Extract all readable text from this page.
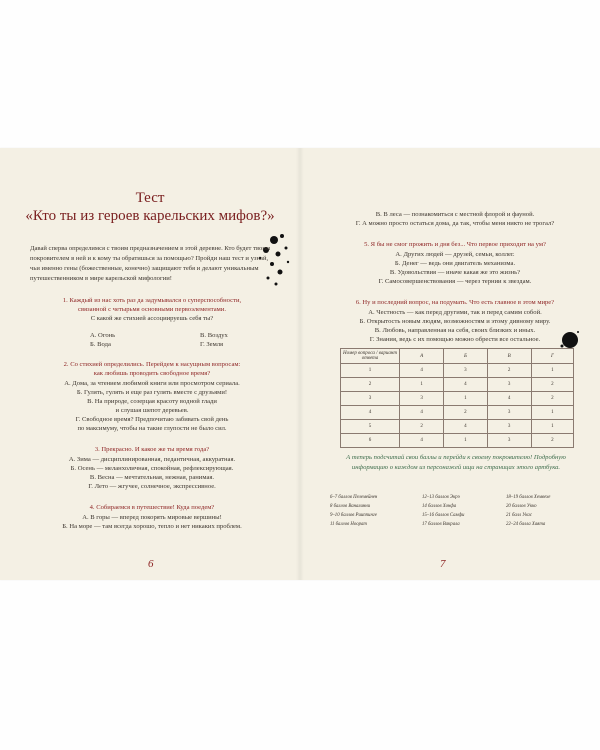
Тест
«Кто ты из героев карельских мифов?»
Давай сперва определимся с твоим предназначением в этой деревне. Кто будет твоим покровителем в ней и к кому ты обратишься за помощью? Пройди наш тест и узнай, чьи именно гены (божественные, конечно) защищают тебя и делают уникальным путешественником в мире карельской мифологии!
1. Каждый из нас хоть раз да задумывался о суперспособности,
связанной с четырьмя основными первоэлементами.
С какой же стихией ассоциируешь себя ты?
А. Огонь
Б. Вода
В. Воздух
Г. Земля
2. Со стихией определились. Перейдем к насущным вопросам:
как любишь проводить свободное время?
А. Дома, за чтением любимой книги или просмотром сериала.
Б. Гулять, гулять и еще раз гулять вместе с друзьями!
В. На природе, созерцая красоту водной глади
и слушая шепот деревьев.
Г. Свободное время? Предпочитаю забивать свой день
по максимуму, чтобы на такие глупости не было сил.
3. Прекрасно. И какое же ты время года?
А. Зима — дисциплинированная, педантичная, аккуратная.
Б. Осень — меланхоличная, спокойная, рефлексирующая.
В. Весна — мечтательная, нежная, ранимая.
Г. Лето — жгучее, солнечное, экспрессивное.
4. Собираемся в путешествие! Куда поедем?
А. В горы — вперед покорять мировые вершины!
Б. На море — там всегда хорошо, тепло и нет никаких проблем.
6
В. В леса — познакомиться с местной флорой и фауной.
Г. А можно просто остаться дома, да так, чтобы меня никто не трогал?
5. Я бы не смог прожить и дня без... Что первое приходит на ум?
А. Других людей — друзей, семьи, коллег.
Б. Денег — ведь они двигатель механизма.
В. Удовольствия — иначе какая же это жизнь?
Г. Самосовершенствования — через тернии к звездам.
6. Ну и последний вопрос, на подумать. Что есть главное в этом мире?
А. Честность — как перед другими, так и перед самим собой.
Б. Открытость новым людям, возможностям и этому дивному миру.
В. Любовь, направленная на себя, своих близких и иных.
Г. Знания, ведь с их помощью можно обрести все остальное.
Номер вопроса / вариант ответа	А	Б	В	Г
1	4	3	2	1
2	1	4	3	2
3	3	1	4	2
4	4	2	3	1
5	2	4	3	1
6	4	1	3	2
А теперь подсчитай свои баллы и перейди к своему покровителю! Подробную информацию о каждом из персонажей ищи на страницах этого артбука.
6–7 баллов Пелемейнен
8 баллов Ваналинни
9–10 баллов Рииппинге
11 баллов Ноорат
12–13 баллов Экрэ
14 баллов Хонфа
15–16 баллов Самфи
17 баллов Вакрала
18–19 баллов Хемвехе
20 баллов Укко
21 балл Укас
22–24 балла Хаята
7
